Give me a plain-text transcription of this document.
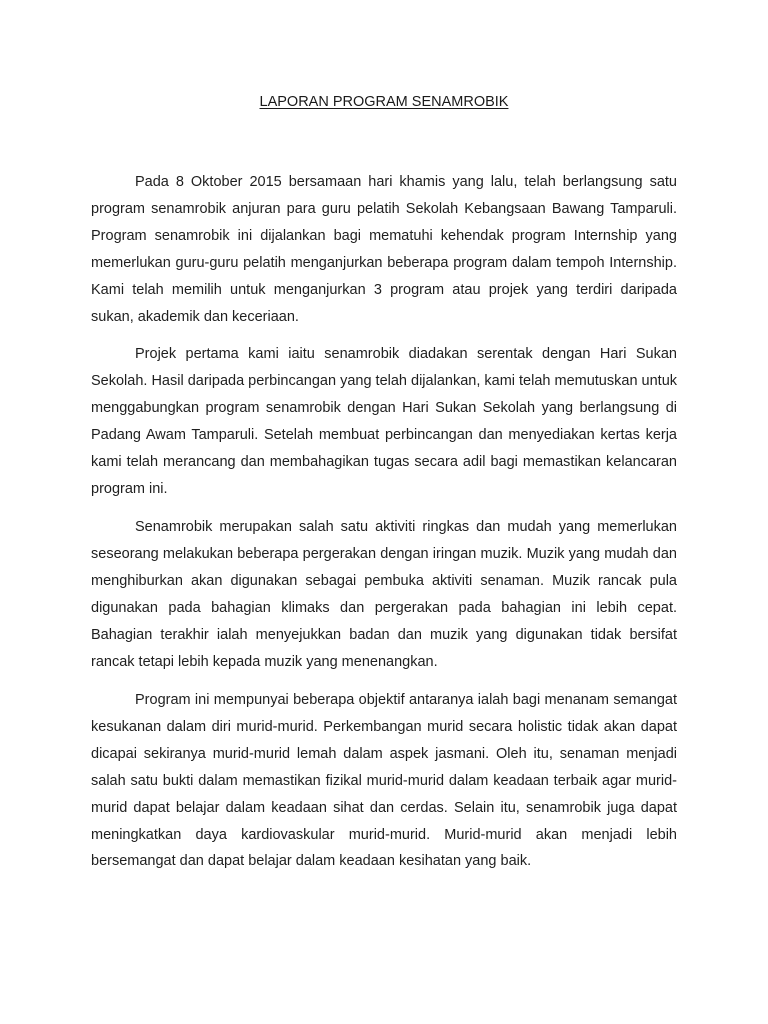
LAPORAN PROGRAM SENAMROBIK

Pada 8 Oktober 2015 bersamaan hari khamis yang lalu, telah berlangsung satu program senamrobik anjuran para guru pelatih Sekolah Kebangsaan Bawang Tamparuli. Program senamrobik ini dijalankan bagi mematuhi kehendak program Internship yang memerlukan guru-guru pelatih menganjurkan beberapa program dalam tempoh Internship. Kami telah memilih untuk menganjurkan 3 program atau projek yang terdiri daripada sukan, akademik dan keceriaan.

Projek pertama kami iaitu senamrobik diadakan serentak dengan Hari Sukan Sekolah. Hasil daripada perbincangan yang telah dijalankan, kami telah memutuskan untuk menggabungkan program senamrobik dengan Hari Sukan Sekolah yang berlangsung di Padang Awam Tamparuli. Setelah membuat perbincangan dan menyediakan kertas kerja kami telah merancang dan membahagikan tugas secara adil bagi memastikan kelancaran program ini.

Senamrobik merupakan salah satu aktiviti ringkas dan mudah yang memerlukan seseorang melakukan beberapa pergerakan dengan iringan muzik. Muzik yang mudah dan menghiburkan akan digunakan sebagai pembuka aktiviti senaman. Muzik rancak pula digunakan pada bahagian klimaks dan pergerakan pada bahagian ini lebih cepat. Bahagian terakhir ialah menyejukkan badan dan muzik yang digunakan tidak bersifat rancak tetapi lebih kepada muzik yang menenangkan.

Program ini mempunyai beberapa objektif antaranya ialah bagi menanam semangat kesukanan dalam diri murid-murid. Perkembangan murid secara holistic tidak akan dapat dicapai sekiranya murid-murid lemah dalam aspek jasmani. Oleh itu, senaman menjadi salah satu bukti dalam memastikan fizikal murid-murid dalam keadaan terbaik agar murid-murid dapat belajar dalam keadaan sihat dan cerdas. Selain itu, senamrobik juga dapat meningkatkan daya kardiovaskular murid-murid. Murid-murid akan menjadi lebih bersemangat dan dapat belajar dalam keadaan kesihatan yang baik.
